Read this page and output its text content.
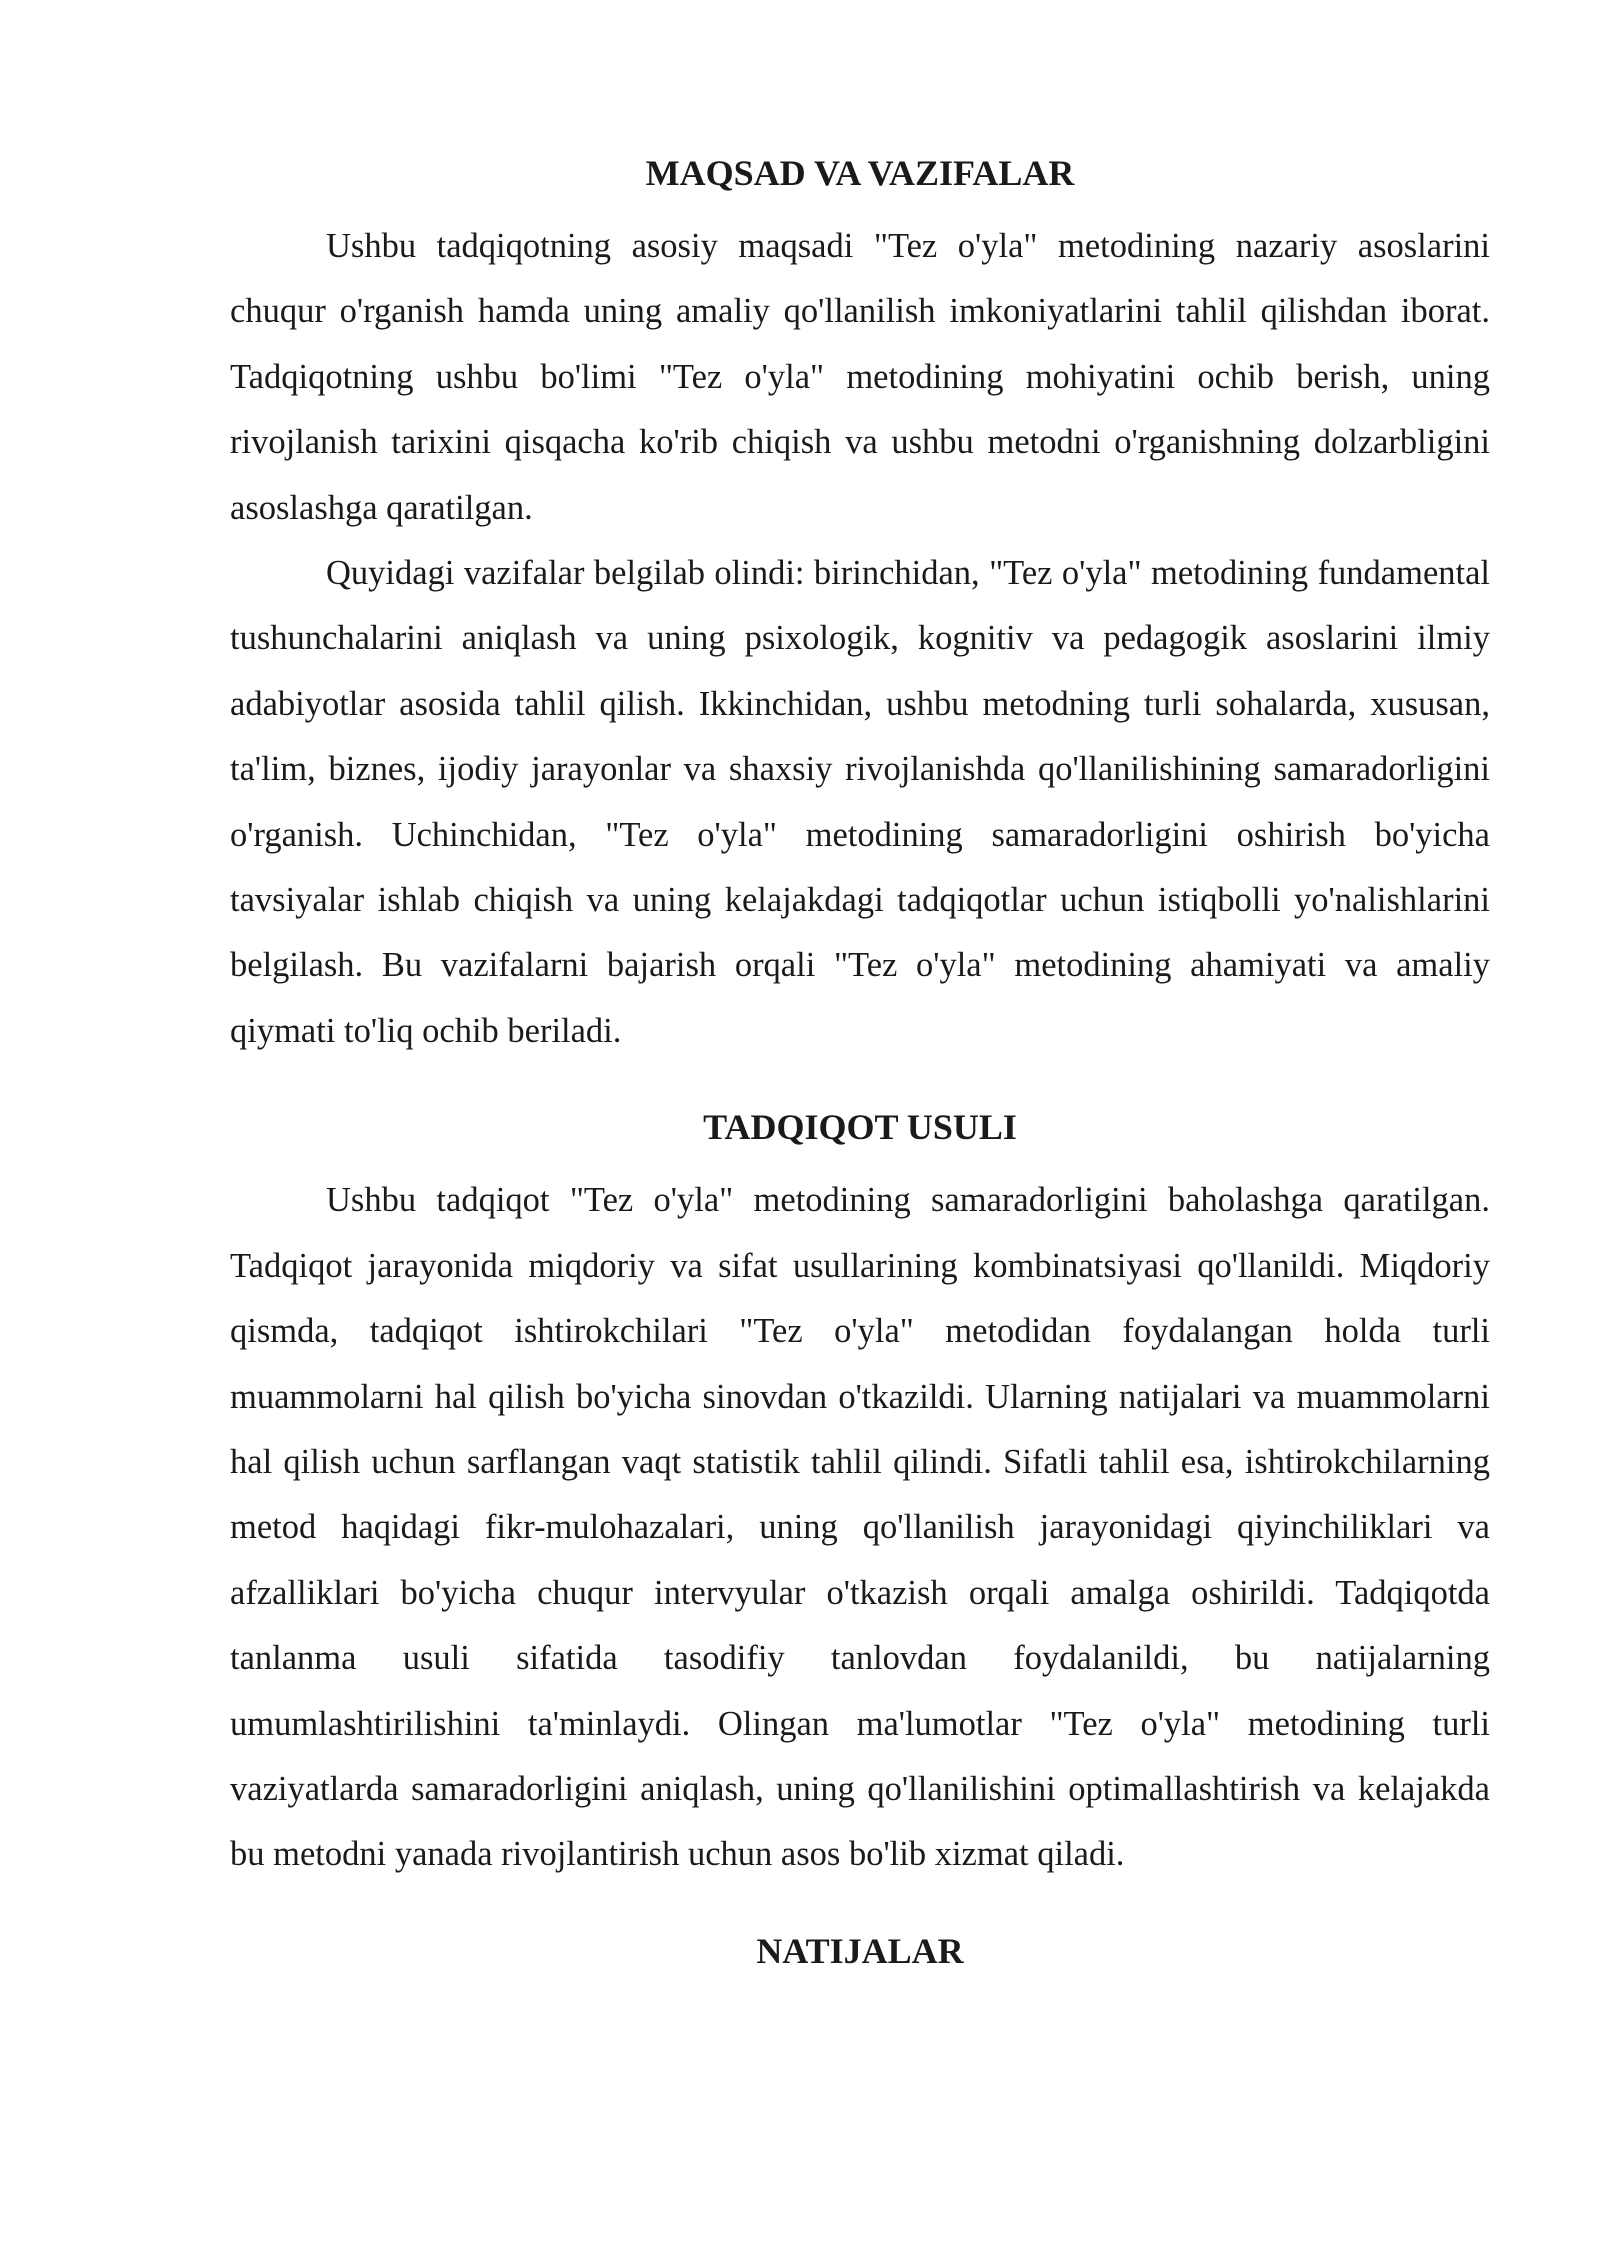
MAQSAD VA VAZIFALAR

Ushbu tadqiqotning asosiy maqsadi "Tez o'yla" metodining nazariy asoslarini chuqur o'rganish hamda uning amaliy qo'llanilish imkoniyatlarini tahlil qilishdan iborat. Tadqiqotning ushbu bo'limi "Tez o'yla" metodining mohiyatini ochib berish, uning rivojlanish tarixini qisqacha ko'rib chiqish va ushbu metodni o'rganishning dolzarbligini asoslashga qaratilgan.

Quyidagi vazifalar belgilab olindi: birinchidan, "Tez o'yla" metodining fundamental tushunchalarini aniqlash va uning psixologik, kognitiv va pedagogik asoslarini ilmiy adabiyotlar asosida tahlil qilish. Ikkinchidan, ushbu metodning turli sohalarda, xususan, ta'lim, biznes, ijodiy jarayonlar va shaxsiy rivojlanishda qo'llanilishining samaradorligini o'rganish. Uchinchidan, "Tez o'yla" metodining samaradorligini oshirish bo'yicha tavsiyalar ishlab chiqish va uning kelajakdagi tadqiqotlar uchun istiqbolli yo'nalishlarini belgilash. Bu vazifalarni bajarish orqali "Tez o'yla" metodining ahamiyati va amaliy qiymati to'liq ochib beriladi.

TADQIQOT USULI

Ushbu tadqiqot "Tez o'yla" metodining samaradorligini baholashga qaratilgan. Tadqiqot jarayonida miqdoriy va sifat usullarining kombinatsiyasi qo'llanildi. Miqdoriy qismda, tadqiqot ishtirokchilari "Tez o'yla" metodidan foydalangan holda turli muammolarni hal qilish bo'yicha sinovdan o'tkazildi. Ularning natijalari va muammolarni hal qilish uchun sarflangan vaqt statistik tahlil qilindi. Sifatli tahlil esa, ishtirokchilarning metod haqidagi fikr-mulohazalari, uning qo'llanilish jarayonidagi qiyinchiliklari va afzalliklari bo'yicha chuqur intervyular o'tkazish orqali amalga oshirildi. Tadqiqotda tanlanma usuli sifatida tasodifiy tanlovdan foydalanildi, bu natijalarning umumlashtirilishini ta'minlaydi. Olingan ma'lumotlar "Tez o'yla" metodining turli vaziyatlarda samaradorligini aniqlash, uning qo'llanilishini optimallashtirish va kelajakda bu metodni yanada rivojlantirish uchun asos bo'lib xizmat qiladi.

NATIJALAR
